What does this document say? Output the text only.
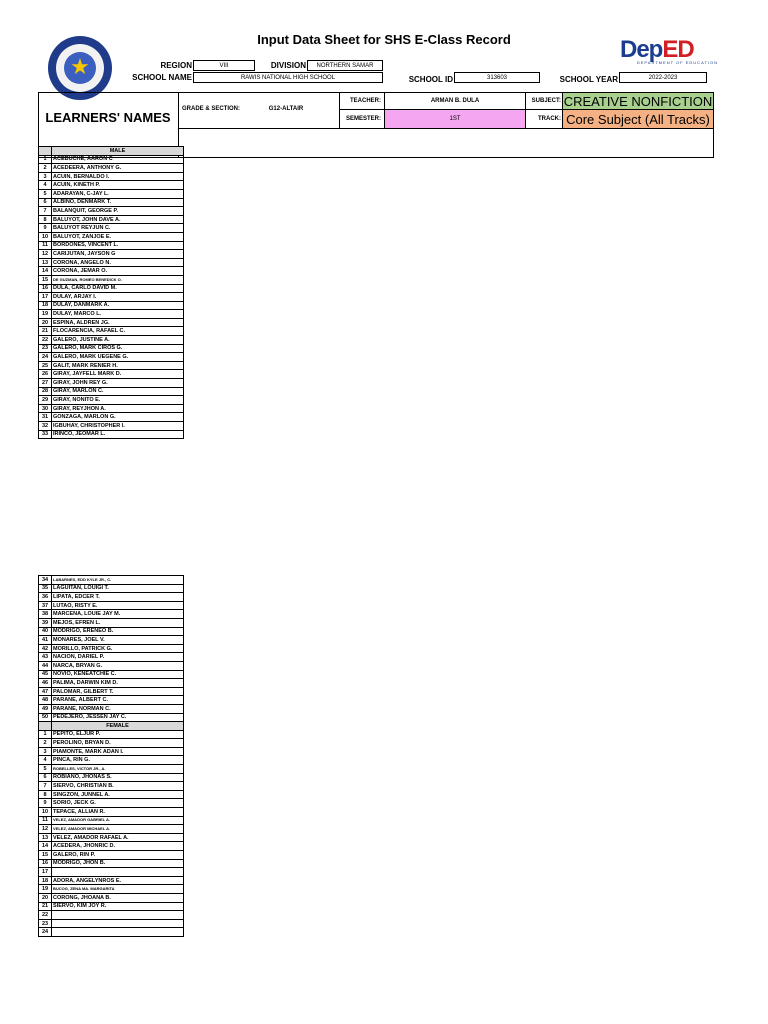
Input Data Sheet for SHS E-Class Record
★
DepED
DEPARTMENT OF EDUCATION
REGION	VIII	DIVISION	NORTHERN SAMAR
SCHOOL NAME	RAWIS NATIONAL HIGH SCHOOL	SCHOOL ID	313603	SCHOOL YEAR	2022-2023
LEARNERS' NAMES
GRADE & SECTION:	G12-ALTAIR
TEACHER:	ARMAN B. DULA
SEMESTER:	1ST
SUBJECT: CREATIVE NONFICTION
TRACK: Core Subject (All Tracks)
	MALE
1	ACEBUCHE, AARON C
2	ACEDEERA, ANTHONY G.
3	ACUIN, BERNALDO I.
4	ACUIN, KINETH P.
5	ADARAYAN, C-JAY L.
6	ALBINO, DENMARK T.
7	BALANQUIT, GEORGE P.
8	BALUYOT, JOHN DAVE A.
9	BALUYOT REYJUN C.
10	BALUYOT, ZANJOE E.
11	BORDONES, VINCENT L.
12	CARIJUTAN, JAYSON G
13	CORONA, ANGELO N.
14	CORONA, JEMAR O.
15	DE GUZMAN, ROMEO BENEDICK O.
16	DULA, CARLO DAVID M.
17	DULAY, ARJAY I.
18	DULAY, DANMARK A.
19	DULAY, MARCO L.
20	ESPINA, ALDREN JG.
21	FLOCARENCIA, RAFAEL C.
22	GALERO, JUSTINE A.
23	GALERO, MARK CIROS G.
24	GALERO, MARK UEGENE G.
25	GALIT, MARK RENIER H.
26	GIRAY, JAYFELL MARK D.
27	GIRAY, JOHN REY G.
28	GIRAY, MARLON C.
29	GIRAY, NONITO E.
30	GIRAY, REYJHON A.
31	GONZAGA, MARLON G.
32	IGBUHAY, CHRISTOPHER I.
33	IRINCO, JEOMAR L.
34	LABARNES, EDD KYLE JR., C.
35	LAGUITAN, LOUIGI T.
36	LIPATA, EDCER T.
37	LUTAO, RISTY E.
38	MARCENA, LOUIE JAY M.
39	MEJOS, EFREN L.
40	MODRIGO, ERENEO B.
41	MONARES, JOEL V.
42	MORILLO, PATRICK G.
43	NACION, DARIEL P.
44	NARCA, BRYAN G.
45	NOVIO, KENEATCHIE C.
46	PALIMA, DARWIN KIM D.
47	PALOMAR, GILBERT T.
48	PARANE, ALBERT C.
49	PARANE, NORMAN C.
50	PEDEJERO, JESSEN JAY C.
	FEMALE
1	PEPITO, ELJUR P.
2	PEROLINO, BRYAN D.
3	PIAMONTE, MARK ADAN I.
4	PINCA, RIN G.
5	ROBELLES, VICTOR JR., A.
6	ROBIANO, JHONAS S.
7	SIERVO, CHRISTIAN B.
8	SINGZON, JUNNEL A.
9	SORIO, JECK G.
10	TEPACE, ALLIAN R.
11	VELEZ, AMADOR GABRIEL A.
12	VELEZ, AMADOR MICHAEL A.
13	VELEZ, AMADOR RAFAEL A.
14	ACEDERA, JHONRIC D.
15	GALERO, RIN P.
16	MODRIGO, JHON B.
17	
18	ADORA, ANGELYNROS E.
19	BUCOG, ZENA MA. MARGARITA
20	CORONG, JHOANA B.
21	SIERVO, KIM JOY R.
22	
23	
24	
